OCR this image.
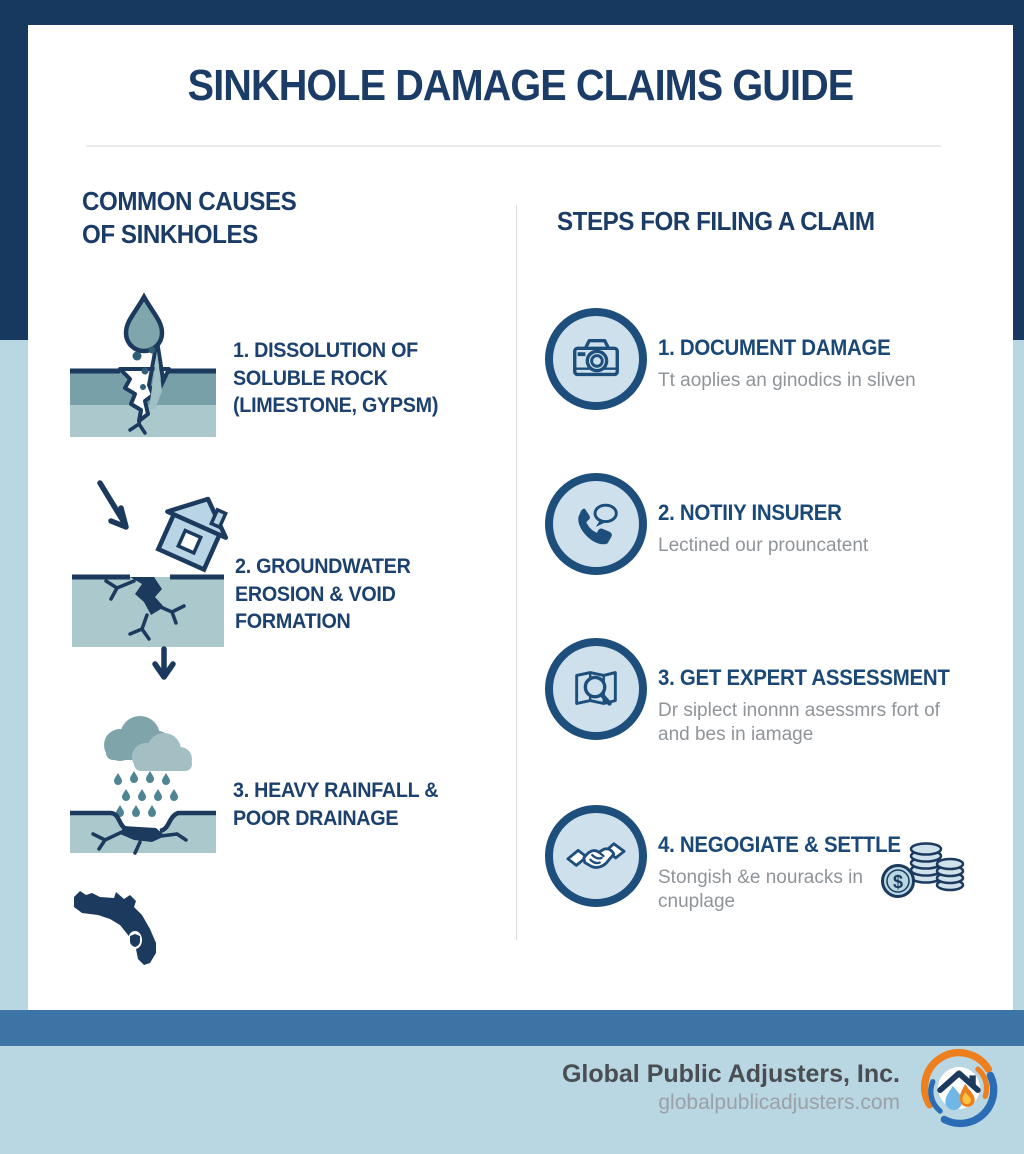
SINKHOLE DAMAGE CLAIMS GUIDE
COMMON CAUSES
OF SINKHOLES
1. DISSOLUTION OF SOLUBLE ROCK (LIMESTONE, GYPSM)
2. GROUNDWATER EROSION & VOID FORMATION
3. HEAVY RAINFALL & POOR DRAINAGE
STEPS FOR FILING A CLAIM
1. DOCUMENT DAMAGE
Tt aoplies an ginodics in sliven
2. NOTIIY INSURER
Lectined our prouncatent
3. GET EXPERT ASSESSMENT
Dr siplect inonnn asessmrs fort of and bes in iamage
4. NEGOGIATE & SETTLE
Stongish &e nouracks in cnuplage
$

Global Public Adjusters, Inc.

globalpublicadjusters.com
